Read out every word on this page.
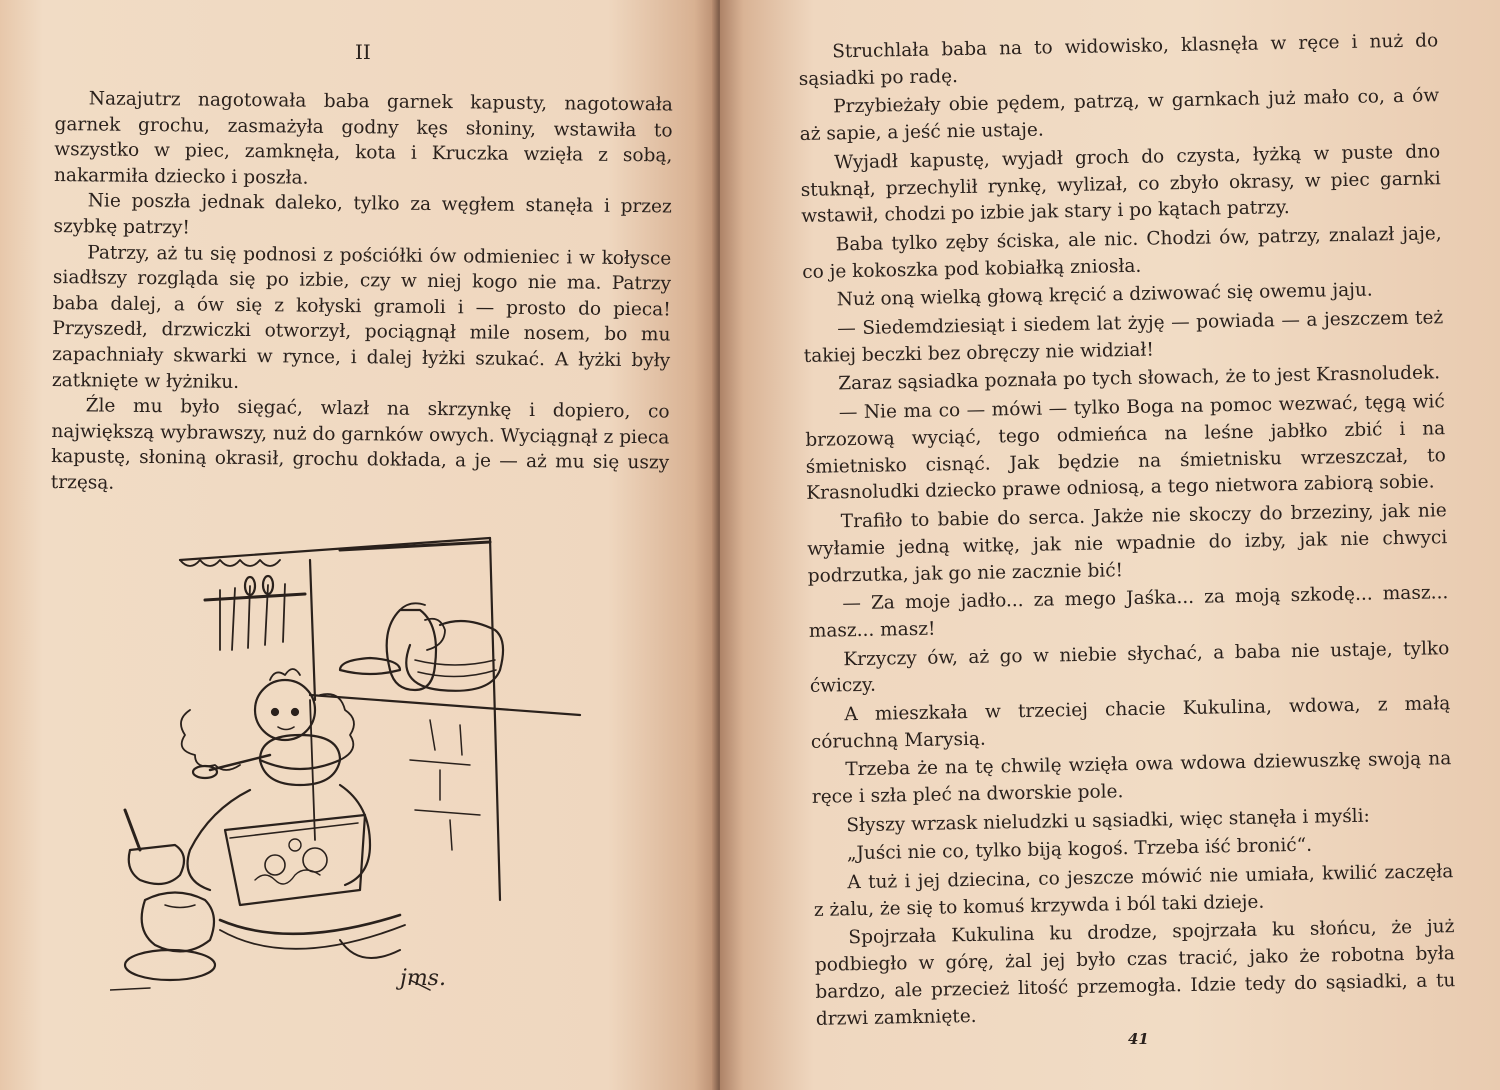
II

Nazajutrz nagotowała baba garnek kapusty, nagotowała garnek grochu, zasmażyła godny kęs słoniny, wstawiła to wszystko w piec, zamknęła, kota i Kruczka wzięła z sobą, nakarmiła dziecko i poszła.

Nie poszła jednak daleko, tylko za węgłem stanęła i przez szybkę patrzy!

Patrzy, aż tu się podnosi z pościółki ów odmieniec i w kołysce siadłszy rozgląda się po izbie, czy w niej kogo nie ma. Patrzy baba dalej, a ów się z kołyski gramoli i — prosto do pieca! Przyszedł, drzwiczki otworzył, pociągnął mile nosem, bo mu zapachniały skwarki w rynce, i dalej łyżki szukać. A łyżki były zatknięte w łyżniku.

Źle mu było sięgać, wlazł na skrzynkę i dopiero, co największą wybrawszy, nuż do garnków owych. Wyciągnął z pieca kapustę, słoniną okrasił, grochu dokłada, a je — aż mu się uszy trzęsą.

jms.

Struchlała baba na to widowisko, klasnęła w ręce i nuż do sąsiadki po radę.

Przybieżały obie pędem, patrzą, w garnkach już mało co, a ów aż sapie, a jeść nie ustaje.

Wyjadł kapustę, wyjadł groch do czysta, łyżką w puste dno stuknął, przechylił rynkę, wylizał, co zbyło okrasy, w piec garnki wstawił, chodzi po izbie jak stary i po kątach patrzy.

Baba tylko zęby ściska, ale nic. Chodzi ów, patrzy, znalazł jaje, co je kokoszka pod kobiałką zniosła.

Nuż oną wielką głową kręcić a dziwować się owemu jaju.

— Siedemdziesiąt i siedem lat żyję — powiada — a jeszczem też takiej beczki bez obręczy nie widział!

Zaraz sąsiadka poznała po tych słowach, że to jest Krasnoludek.

— Nie ma co — mówi — tylko Boga na pomoc wezwać, tęgą wić brzozową wyciąć, tego odmieńca na leśne jabłko zbić i na śmietnisko cisnąć. Jak będzie na śmietnisku wrzeszczał, to Krasnoludki dziecko prawe odniosą, a tego nietwora zabiorą sobie.

Trafiło to babie do serca. Jakże nie skoczy do brzeziny, jak nie wyłamie jedną witkę, jak nie wpadnie do izby, jak nie chwyci podrzutka, jak go nie zacznie bić!

— Za moje jadło... za mego Jaśka... za moją szkodę... masz... masz... masz!

Krzyczy ów, aż go w niebie słychać, a baba nie ustaje, tylko ćwiczy.

A mieszkała w trzeciej chacie Kukulina, wdowa, z małą córuchną Marysią.

Trzeba że na tę chwilę wzięła owa wdowa dziewuszkę swoją na ręce i szła pleć na dworskie pole.

Słyszy wrzask nieludzki u sąsiadki, więc stanęła i myśli:

„Juści nie co, tylko biją kogoś. Trzeba iść bronić“.

A tuż i jej dziecina, co jeszcze mówić nie umiała, kwilić zaczęła z żalu, że się to komuś krzywda i ból taki dzieje.

Spojrzała Kukulina ku drodze, spojrzała ku słońcu, że już podbiegło w górę, żal jej było czas tracić, jako że robotna była bardzo, ale przecież litość przemogła. Idzie tedy do sąsiadki, a tu drzwi zamknięte.

41
